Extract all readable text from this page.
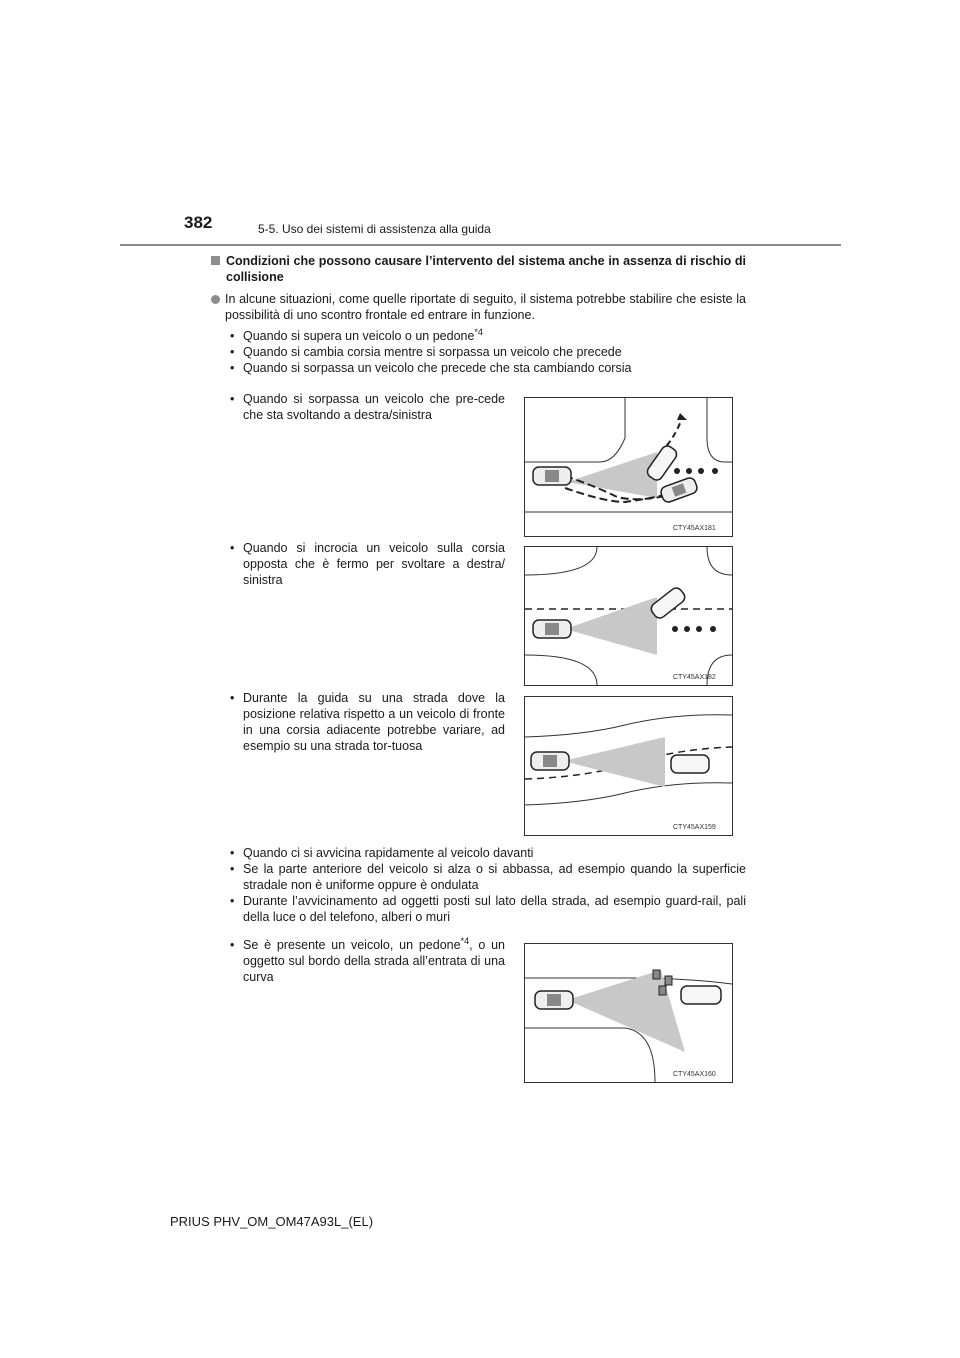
382	5-5. Uso dei sistemi di assistenza alla guida
Condizioni che possono causare l’intervento del sistema anche in assenza di rischio di collisione
In alcune situazioni, come quelle riportate di seguito, il sistema potrebbe stabilire che esiste la possibilità di uno scontro frontale ed entrare in funzione.
• Quando si supera un veicolo o un pedone$^{*4}$
• Quando si cambia corsia mentre si sorpassa un veicolo che precede
• Quando si sorpassa un veicolo che precede che sta cambiando corsia
• Quando si sorpassa un veicolo che pre-cede che sta svoltando a destra/sinistra
CTY45AX181
• Quando si incrocia un veicolo sulla corsia opposta che è fermo per svoltare a destra/ sinistra
CTY45AX182
• Durante la guida su una strada dove la posizione relativa rispetto a un veicolo di fronte in una corsia adiacente potrebbe variare, ad esempio su una strada tor-tuosa
CTY45AX159
• Quando ci si avvicina rapidamente al veicolo davanti
• Se la parte anteriore del veicolo si alza o si abbassa, ad esempio quando la superficie stradale non è uniforme oppure è ondulata
• Durante l’avvicinamento ad oggetti posti sul lato della strada, ad esempio guard-rail, pali della luce o del telefono, alberi o muri
• Se è presente un veicolo, un pedone$^{*4}$, o un oggetto sul bordo della strada all’entrata di una curva
CTY45AX160
PRIUS PHV_OM_OM47A93L_(EL)
